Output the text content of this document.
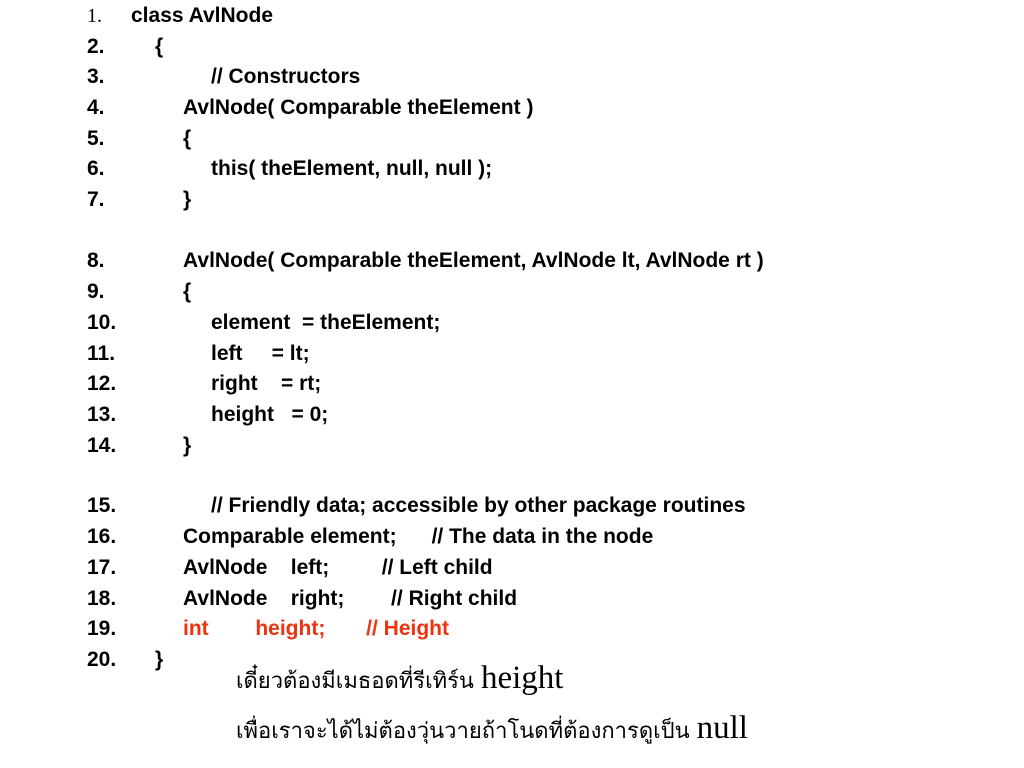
1. class AvlNode
2. {
3.	// Constructors
4.	AvlNode( Comparable theElement )
5.	{
6.	this( theElement, null, null );
7.	}
8.	AvlNode( Comparable theElement, AvlNode lt, AvlNode rt )
9.	{
10.	element  = theElement;
11.	left     = lt;
12.	right    = rt;
13.	height   = 0;
14.	}
15.	// Friendly data; accessible by other package routines
16.	Comparable element;      // The data in the node
17.	AvlNode    left;         // Left child
18.	AvlNode    right;        // Right child
19.	int        height;       // Height
20. }
เดี๋ยวต้องมีเมธอดที่รีเทิร์น height
เพื่อเราจะได้ไม่ต้องวุ่นวายถ้าโนดที่ต้องการดูเป็น null
